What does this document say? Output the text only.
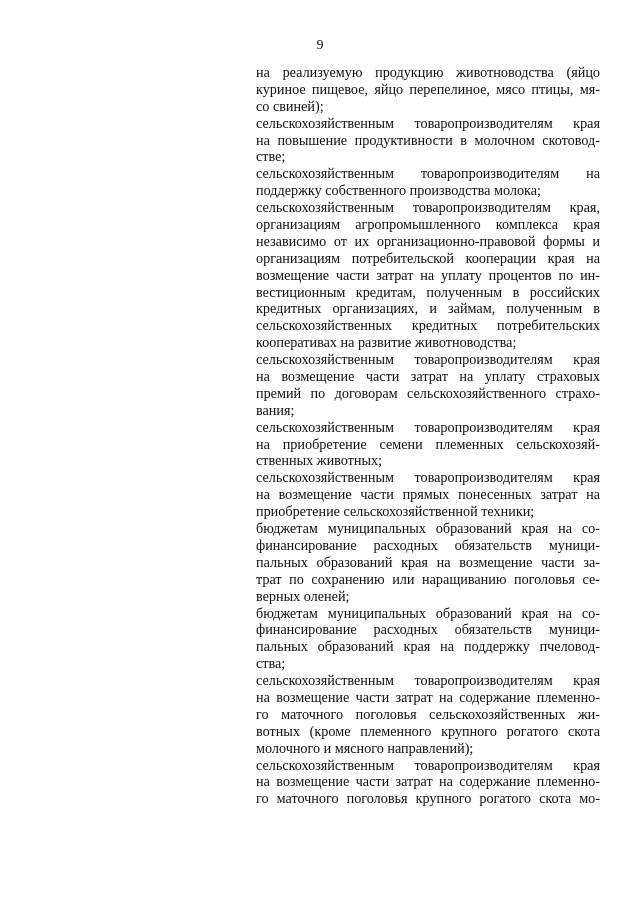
9
на реализуемую продукцию животноводства (яйцо
куриное пищевое, яйцо перепелиное, мясо птицы, мя-
со свиней);
сельскохозяйственным товаропроизводителям края
на повышение продуктивности в молочном скотовод-
стве;
сельскохозяйственным товаропроизводителям на
поддержку собственного производства молока;
сельскохозяйственным товаропроизводителям края,
организациям агропромышленного комплекса края
независимо от их организационно-правовой формы и
организациям потребительской кооперации края на
возмещение части затрат на уплату процентов по ин-
вестиционным кредитам, полученным в российских
кредитных организациях, и займам, полученным в
сельскохозяйственных кредитных потребительских
кооперативах на развитие животноводства;
сельскохозяйственным товаропроизводителям края
на возмещение части затрат на уплату страховых
премий по договорам сельскохозяйственного страхо-
вания;
сельскохозяйственным товаропроизводителям края
на приобретение семени племенных сельскохозяй-
ственных животных;
сельскохозяйственным товаропроизводителям края
на возмещение части прямых понесенных затрат на
приобретение сельскохозяйственной техники;
бюджетам муниципальных образований края на со-
финансирование расходных обязательств муници-
пальных образований края на возмещение части за-
трат по сохранению или наращиванию поголовья се-
верных оленей;
бюджетам муниципальных образований края на со-
финансирование расходных обязательств муници-
пальных образований края на поддержку пчеловод-
ства;
сельскохозяйственным товаропроизводителям края
на возмещение части затрат на содержание племенно-
го маточного поголовья сельскохозяйственных жи-
вотных (кроме племенного крупного рогатого скота
молочного и мясного направлений);
сельскохозяйственным товаропроизводителям края
на возмещение части затрат на содержание племенно-
го маточного поголовья крупного рогатого скота мо-
